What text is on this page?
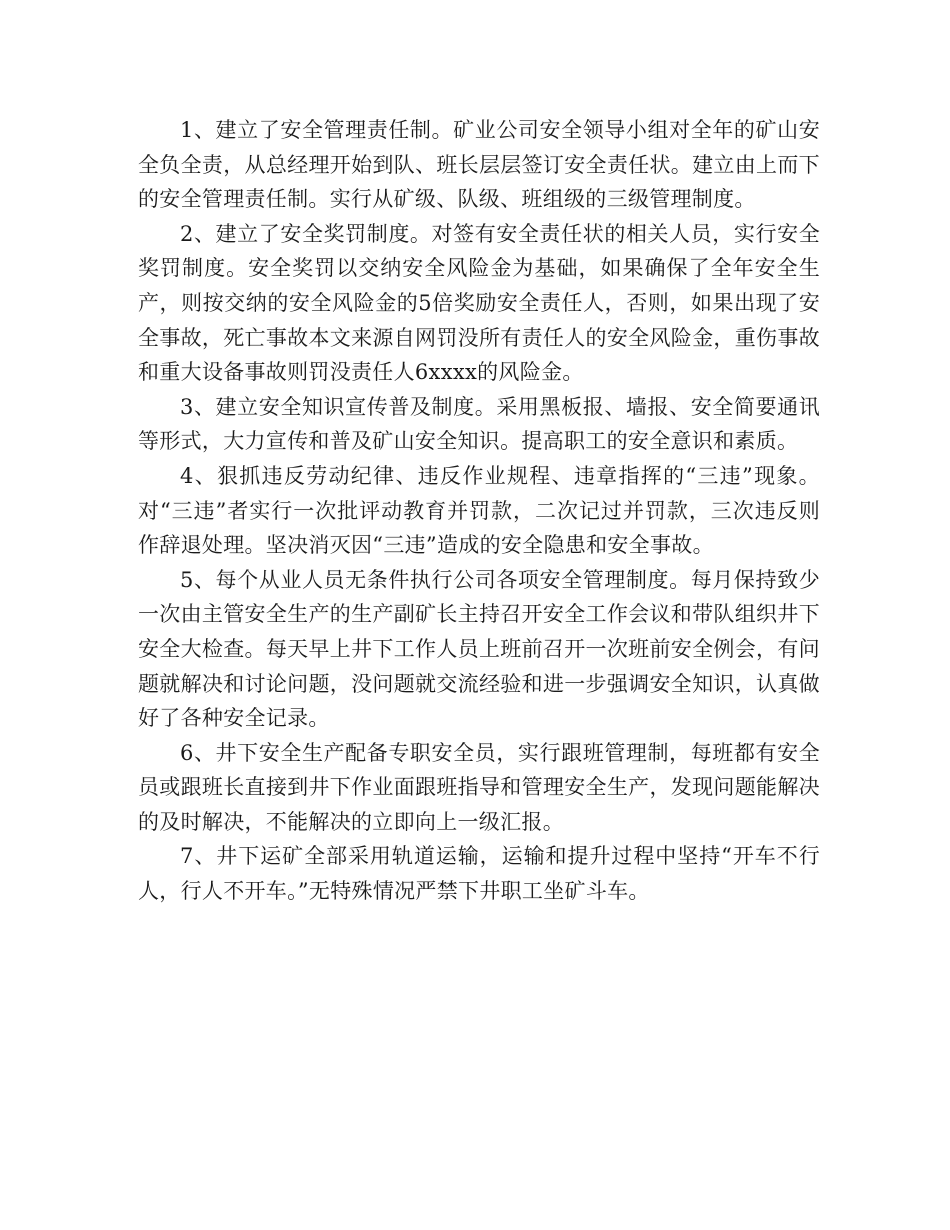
1、建立了安全管理责任制。矿业公司安全领导小组对全年的矿山安全负全责，从总经理开始到队、班长层层签订安全责任状。建立由上而下的安全管理责任制。实行从矿级、队级、班组级的三级管理制度。

2、建立了安全奖罚制度。对签有安全责任状的相关人员，实行安全奖罚制度。安全奖罚以交纳安全风险金为基础，如果确保了全年安全生产，则按交纳的安全风险金的5倍奖励安全责任人，否则，如果出现了安全事故，死亡事故本文来源自网罚没所有责任人的安全风险金，重伤事故和重大设备事故则罚没责任人6xxxx的风险金。

3、建立安全知识宣传普及制度。采用黑板报、墙报、安全简要通讯等形式，大力宣传和普及矿山安全知识。提高职工的安全意识和素质。

4、狠抓违反劳动纪律、违反作业规程、违章指挥的“三违”现象。对“三违”者实行一次批评动教育并罚款，二次记过并罚款，三次违反则作辞退处理。坚决消灭因“三违”造成的安全隐患和安全事故。

5、每个从业人员无条件执行公司各项安全管理制度。每月保持致少一次由主管安全生产的生产副矿长主持召开安全工作会议和带队组织井下安全大检查。每天早上井下工作人员上班前召开一次班前安全例会，有问题就解决和讨论问题，没问题就交流经验和进一步强调安全知识，认真做好了各种安全记录。

6、井下安全生产配备专职安全员，实行跟班管理制，每班都有安全员或跟班长直接到井下作业面跟班指导和管理安全生产，发现问题能解决的及时解决，不能解决的立即向上一级汇报。

7、井下运矿全部采用轨道运输，运输和提升过程中坚持“开车不行人，行人不开车。”无特殊情况严禁下井职工坐矿斗车。
